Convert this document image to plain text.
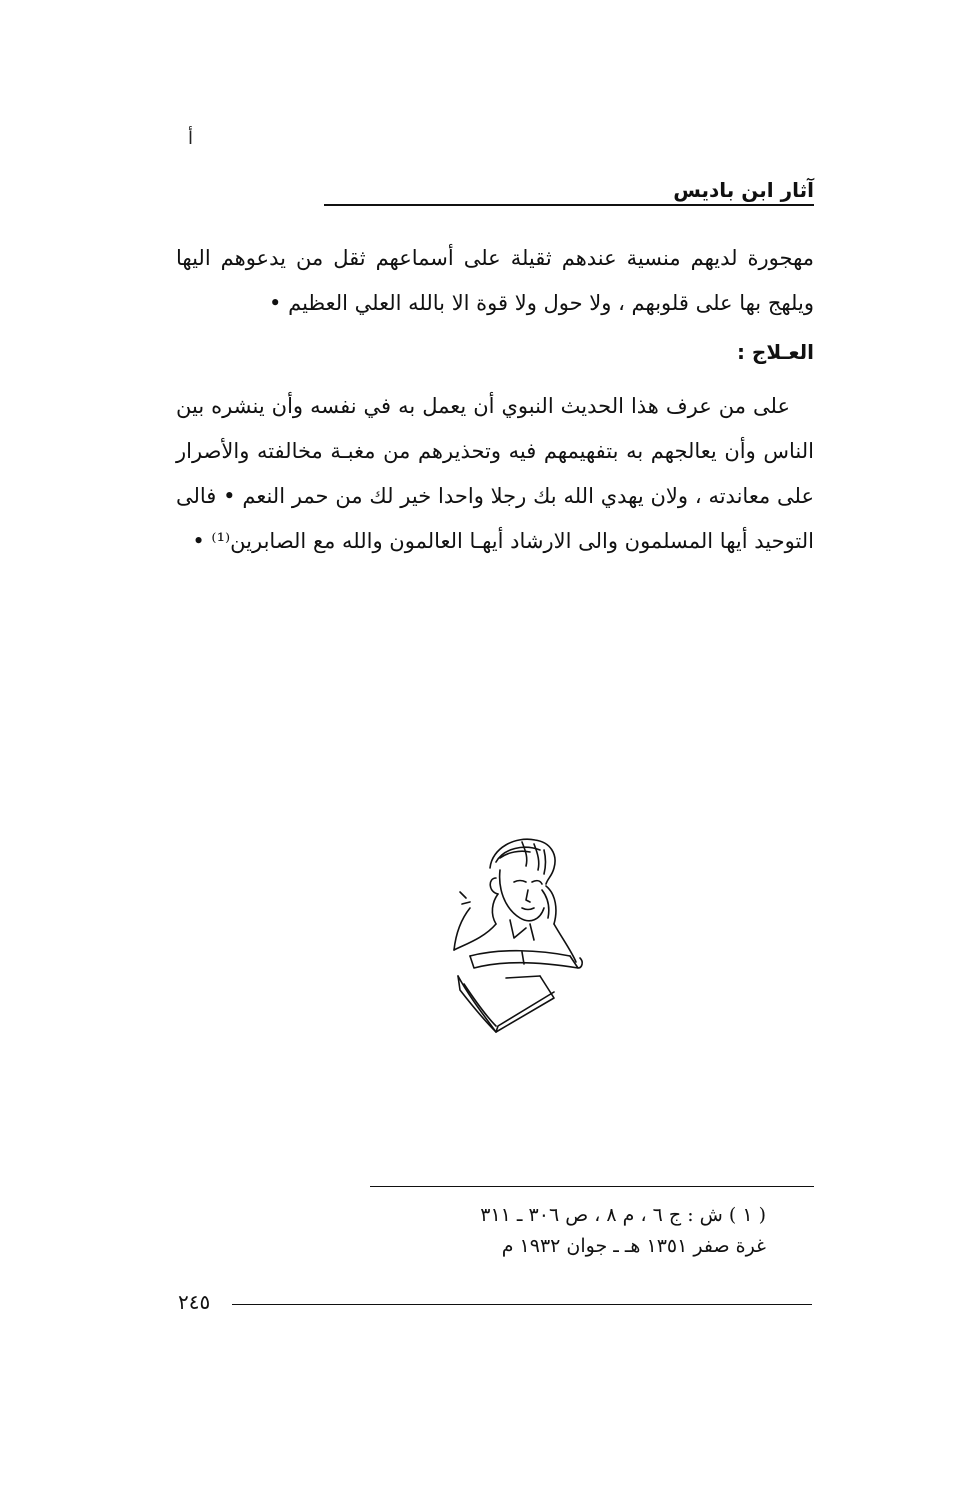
أ
آثار ابن باديس

مهجورة لديهم منسية عندهم ثقيلة على أسماعهم ثقل من يدعوهم اليها ويلهج بها على قلوبهم ، ولا حول ولا قوة الا بالله العلي العظيم •

العـلاج :

على من عرف هذا الحديث النبوي أن يعمل به في نفسه وأن ينشره بين الناس وأن يعالجهم به بتفهيمهم فيه وتحذيرهم من مغبـة مخالفته والأصرار على معاندته ، ولان يهدي الله بك رجلا واحدا خير لك من حمر النعم • فالى التوحيد أيها المسلمون والى الارشاد أيهـا العالمون والله مع الصابرين⁽¹⁾ •

( ١ ) ش : ج ٦ ، م ٨ ، ص ٣٠٦ ـ ٣١١
غرة صفر ١٣٥١ هـ ـ جوان ١٩٣٢ م
٢٤٥
